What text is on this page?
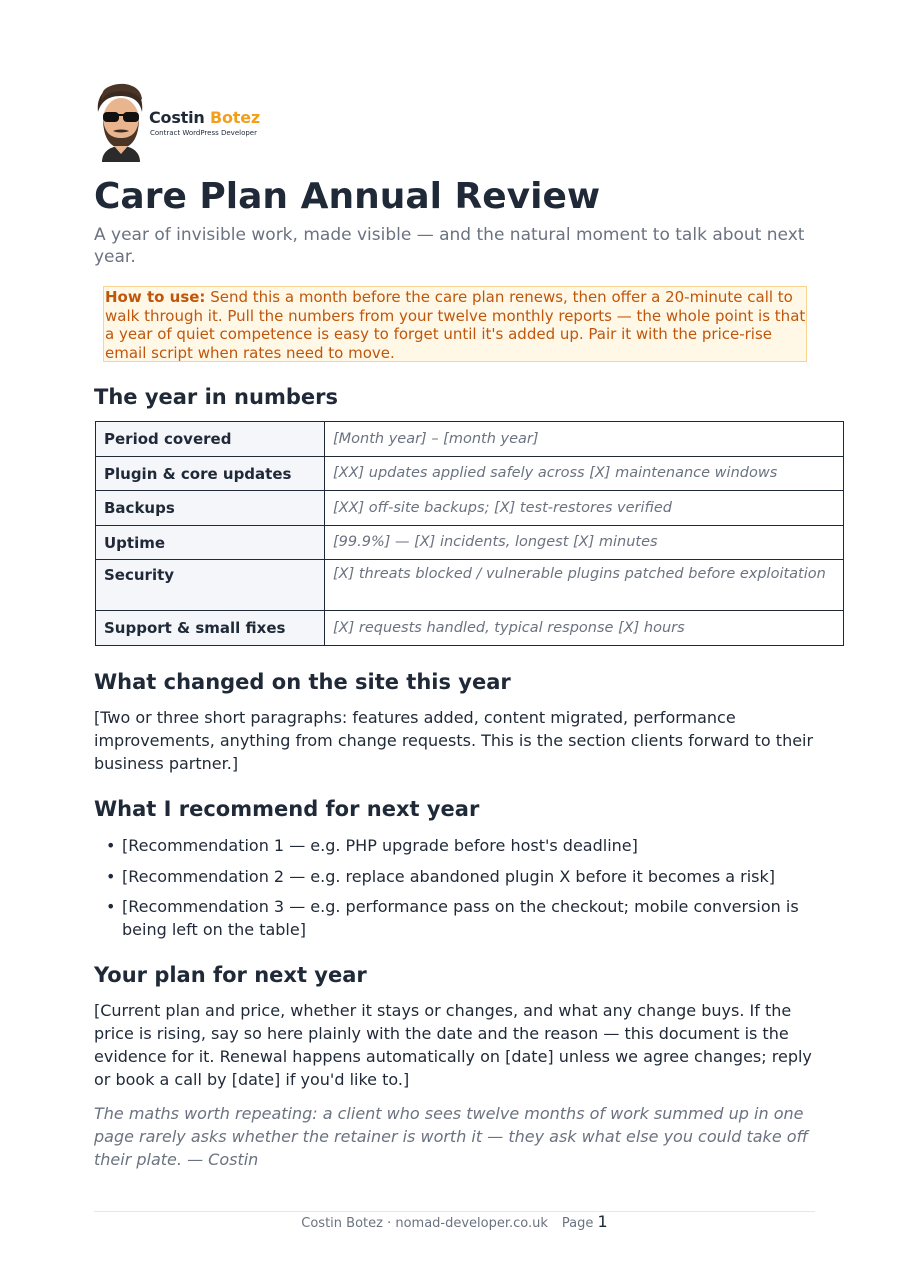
Costin Botez
Contract WordPress Developer
Care Plan Annual Review
A year of invisible work, made visible — and the natural moment to talk about next year.
How to use: Send this a month before the care plan renews, then offer a 20-minute call to walk through it. Pull the numbers from your twelve monthly reports — the whole point is that a year of quiet competence is easy to forget until it's added up. Pair it with the price-rise email script when rates need to move.
The year in numbers
Period covered	[Month year] – [month year]
Plugin & core updates	[XX] updates applied safely across [X] maintenance windows
Backups	[XX] off-site backups; [X] test-restores verified
Uptime	[99.9%] — [X] incidents, longest [X] minutes
Security	[X] threats blocked / vulnerable plugins patched before exploitation
Support & small fixes	[X] requests handled, typical response [X] hours
What changed on the site this year
[Two or three short paragraphs: features added, content migrated, performance improvements, anything from change requests. This is the section clients forward to their business partner.]
What I recommend for next year
• [Recommendation 1 — e.g. PHP upgrade before host's deadline]
• [Recommendation 2 — e.g. replace abandoned plugin X before it becomes a risk]
• [Recommendation 3 — e.g. performance pass on the checkout; mobile conversion is being left on the table]
Your plan for next year
[Current plan and price, whether it stays or changes, and what any change buys. If the price is rising, say so here plainly with the date and the reason — this document is the evidence for it. Renewal happens automatically on [date] unless we agree changes; reply or book a call by [date] if you'd like to.]
The maths worth repeating: a client who sees twelve months of work summed up in one page rarely asks whether the retainer is worth it — they ask what else you could take off their plate. — Costin
Costin Botez · nomad-developer.co.uk Page 1
